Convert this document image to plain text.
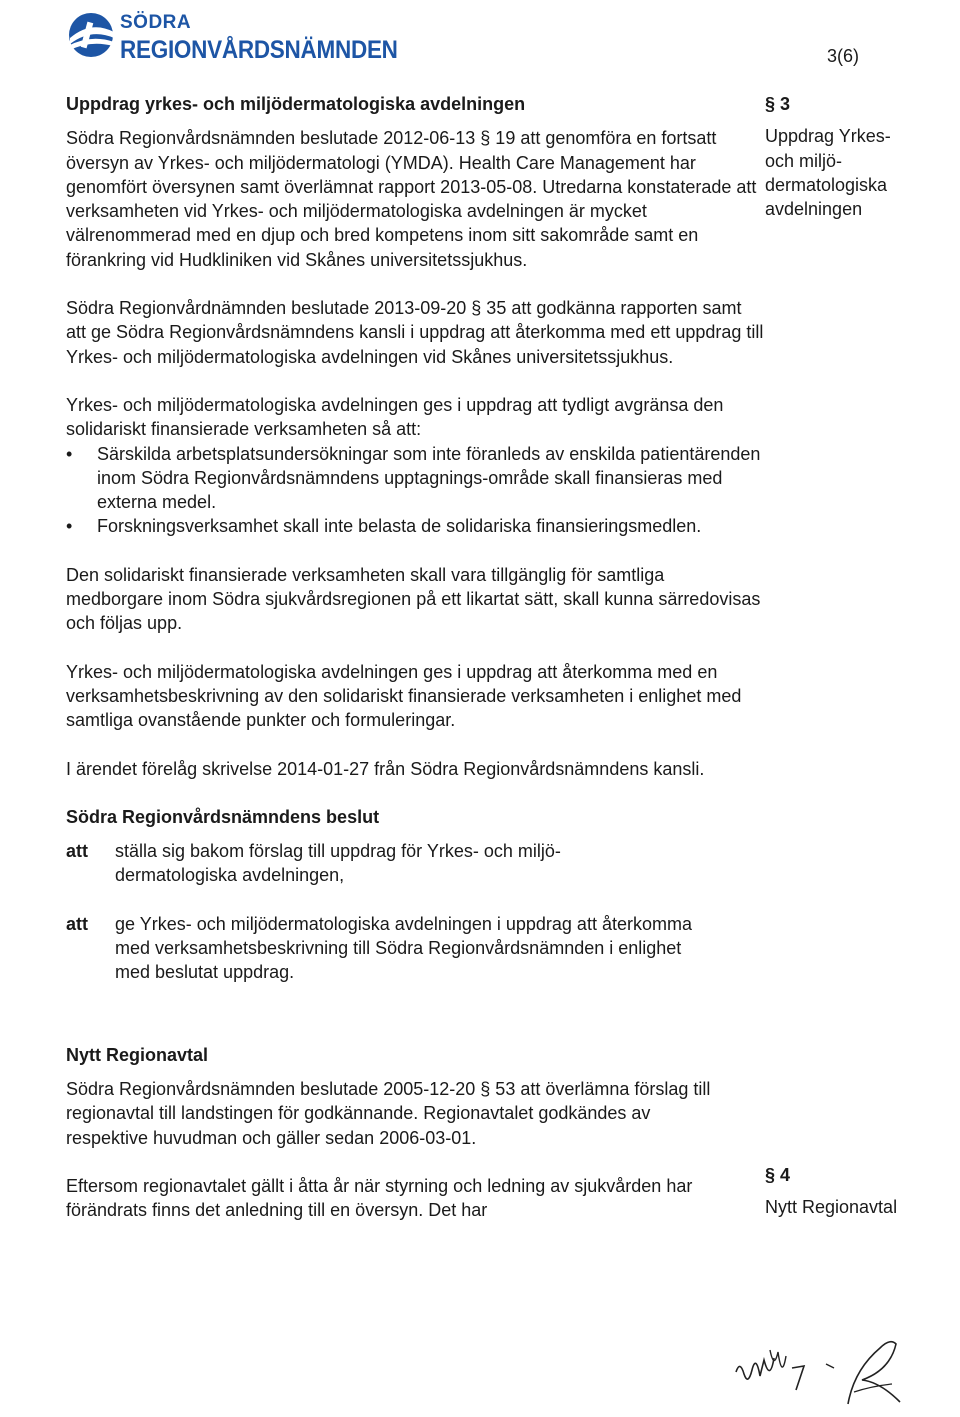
SÖDRA
REGIONVÅRDSNÄMNDEN	3(6)

§ 3

Uppdrag Yrkes-

och miljö-

dermatologiska

avdelningen

Uppdrag yrkes- och miljödermatologiska avdelningen

Södra Regionvårdsnämnden beslutade 2012-06-13 § 19 att genomföra en fortsatt översyn av Yrkes- och miljödermatologi (YMDA). Health Care Management har genomfört översynen samt överlämnat rapport 2013-05-08. Utredarna konstaterade att verksamheten vid Yrkes- och miljödermatologiska avdelningen är mycket välrenommerad med en djup och bred kompetens inom sitt sakområde samt en förankring vid Hudkliniken vid Skånes universitetssjukhus.

Södra Regionvårdnämnden beslutade 2013-09-20 § 35 att godkänna rapporten samt att ge Södra Regionvårdsnämndens kansli i uppdrag att återkomma med ett uppdrag till Yrkes- och miljödermatologiska avdelningen vid Skånes universitetssjukhus.

Yrkes- och miljödermatologiska avdelningen ges i uppdrag att tydligt avgränsa den solidariskt finansierade verksamheten så att:

• Särskilda arbetsplatsundersökningar som inte föranleds av enskilda patientärenden inom Södra Regionvårdsnämndens upptagnings-område skall finansieras med externa medel.
• Forskningsverksamhet skall inte belasta de solidariska finansieringsmedlen.

Den solidariskt finansierade verksamheten skall vara tillgänglig för samtliga medborgare inom Södra sjukvårdsregionen på ett likartat sätt, skall kunna särredovisas och följas upp.

Yrkes- och miljödermatologiska avdelningen ges i uppdrag att återkomma med en verksamhetsbeskrivning av den solidariskt finansierade verksamheten i enlighet med samtliga ovanstående punkter och formuleringar.

I ärendet förelåg skrivelse 2014-01-27 från Södra Regionvårdsnämndens kansli.

Södra Regionvårdsnämndens beslut

att	ställa sig bakom förslag till uppdrag för Yrkes- och miljö-dermatologiska avdelningen,
att	ge Yrkes- och miljödermatologiska avdelningen i uppdrag att återkomma med verksamhetsbeskrivning till Södra Regionvårdsnämnden i enlighet med beslutat uppdrag.

Nytt Regionavtal

Södra Regionvårdsnämnden beslutade 2005-12-20 § 53 att överlämna förslag till regionavtal till landstingen för godkännande. Regionavtalet godkändes av respektive huvudman och gäller sedan 2006-03-01.

Eftersom regionavtalet gällt i åtta år när styrning och ledning av sjukvården har förändrats finns det anledning till en översyn. Det har

§ 4

Nytt Regionavtal
